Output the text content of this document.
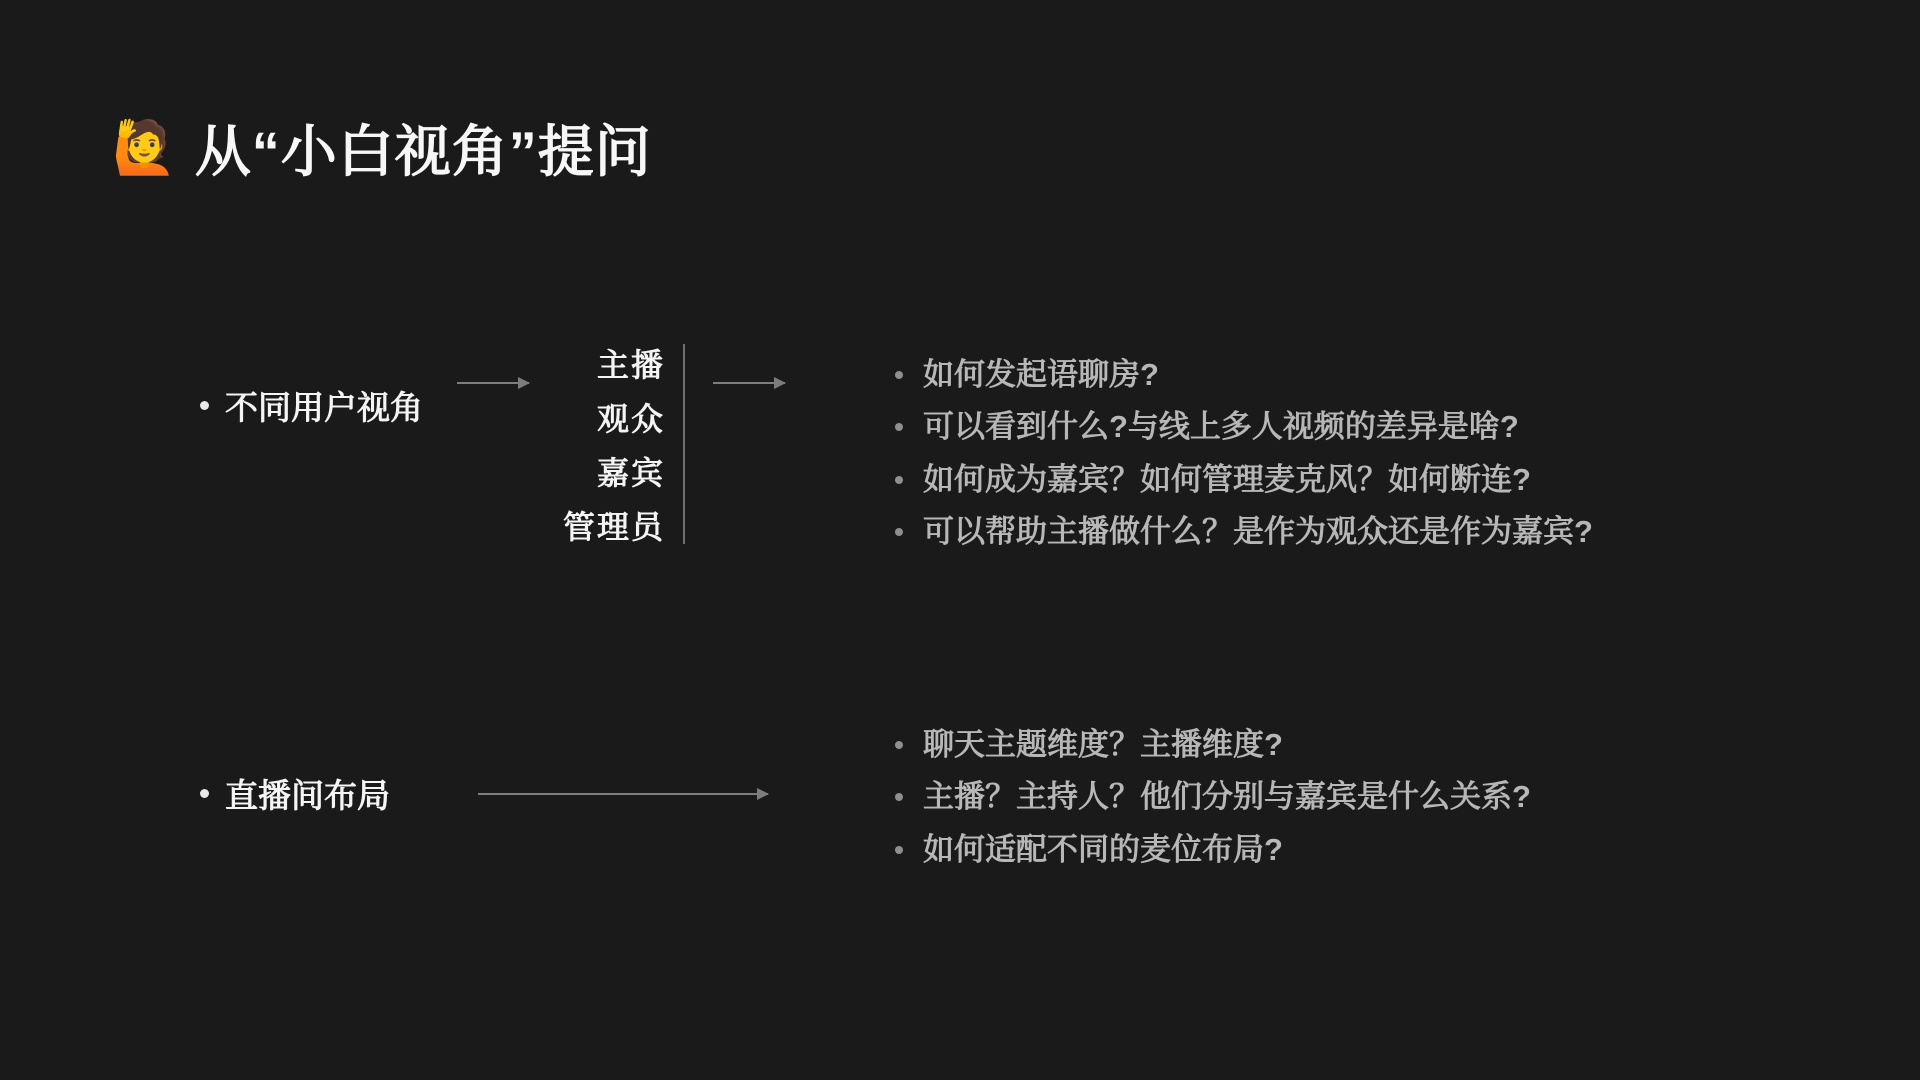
🙋 从“小白视角”提问
不同用户视角
主播
观众
嘉宾
管理员
如何发起语聊房?
可以看到什么?与线上多人视频的差异是啥?
如何成为嘉宾？如何管理麦克风？如何断连?
可以帮助主播做什么？是作为观众还是作为嘉宾?
直播间布局
聊天主题维度？主播维度?
主播？主持人？他们分别与嘉宾是什么关系?
如何适配不同的麦位布局?
